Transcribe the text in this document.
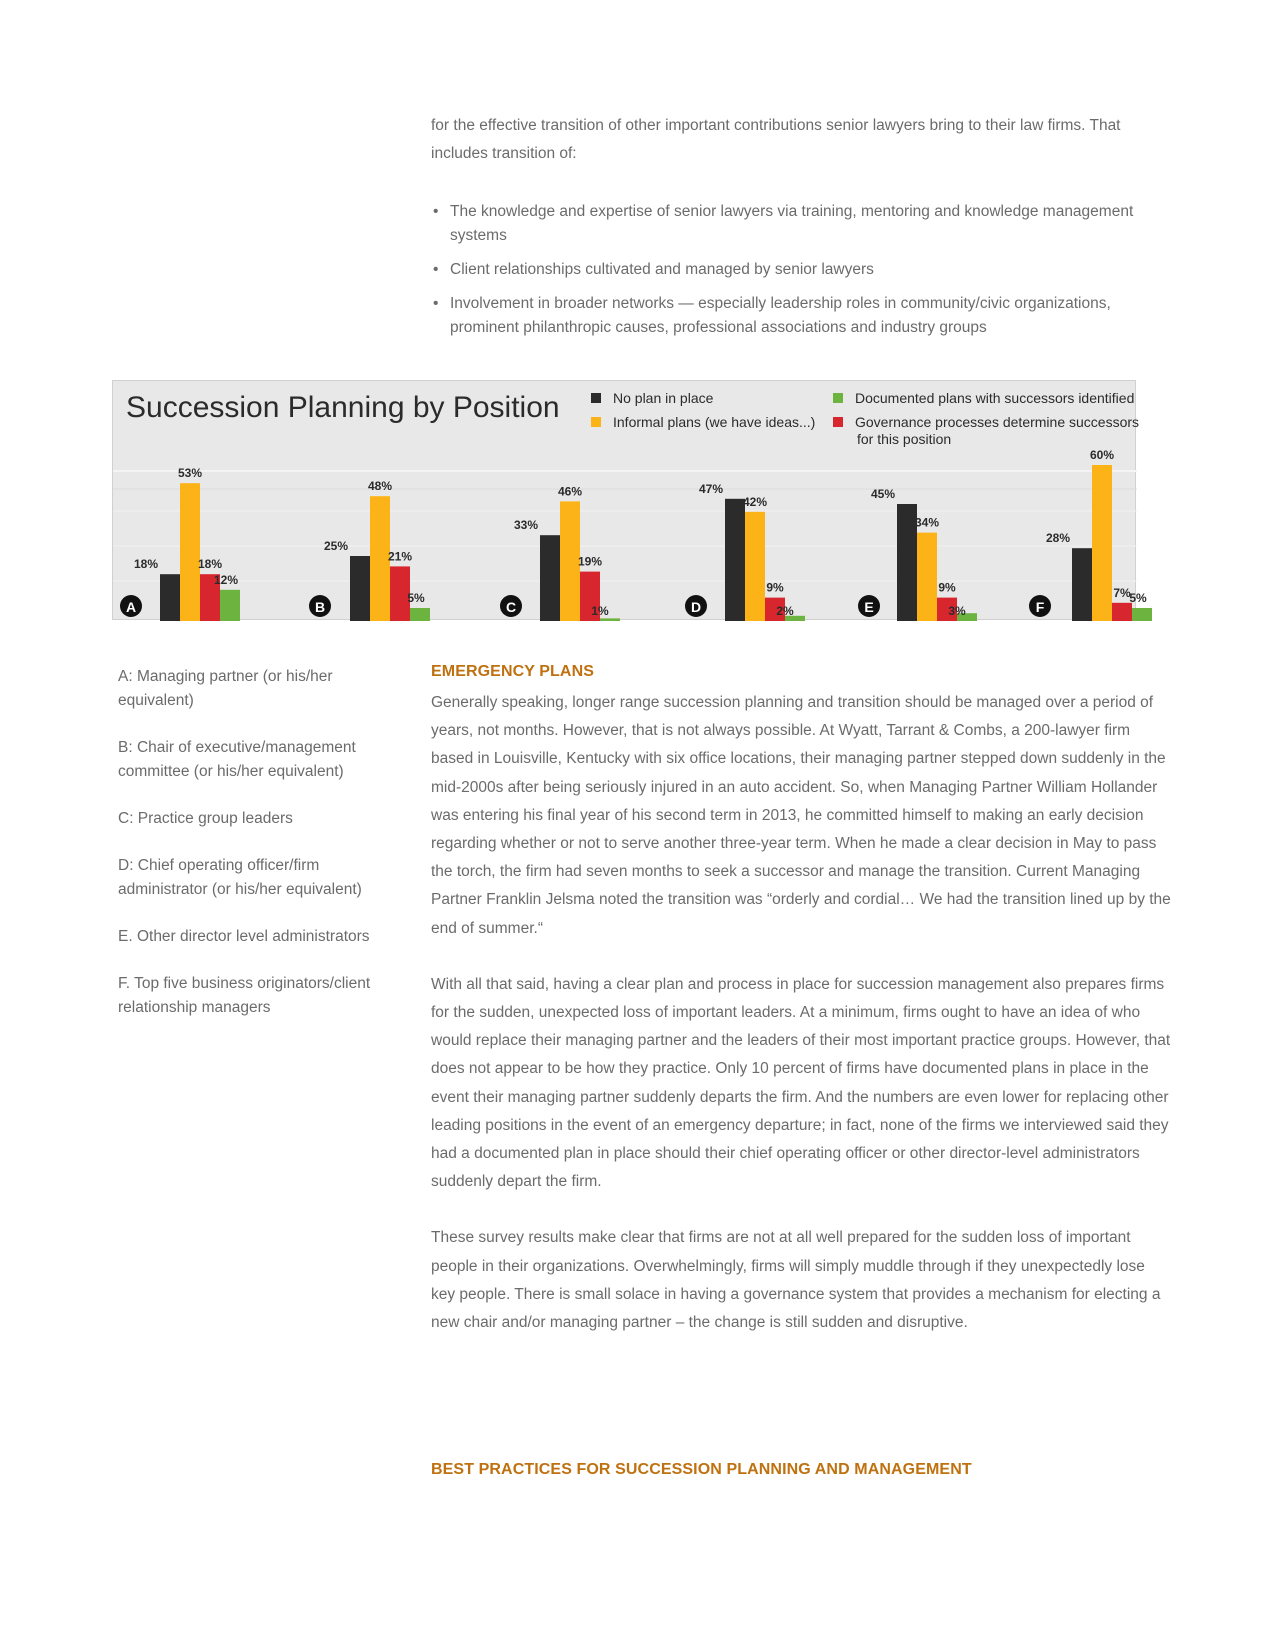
for the effective transition of other important contributions senior lawyers bring to their law firms. That includes transition of:

• The knowledge and expertise of senior lawyers via training, mentoring and knowledge management systems
• Client relationships cultivated and managed by senior lawyers
• Involvement in broader networks — especially leadership roles in community/civic organizations, prominent philanthropic causes, professional associations and industry groups
Succession Planning by Position	No plan in place
Informal plans (we have ideas...)
Documented plans with successors identified
Governance processes determine successors
for this position
A
18%
53%
18%
12%
B
25%
48%
21%
5%
C
33%
46%
19%
1%	D
47%
42%
9%
2%	E
45%
34%
9%
3%	F
28%
60%
7%
5%

A: Managing partner (or his/her equivalent)

B: Chair of executive/management committee (or his/her equivalent)

C: Practice group leaders

D: Chief operating officer/firm administrator (or his/her equivalent)

E. Other director level administrators

F. Top five business originators/client relationship managers

EMERGENCY PLANS

Generally speaking, longer range succession planning and transition should be managed over a period of years, not months. However, that is not always possible. At Wyatt, Tarrant & Combs, a 200-lawyer firm based in Louisville, Kentucky with six office locations, their managing partner stepped down suddenly in the mid-2000s after being seriously injured in an auto accident. So, when Managing Partner William Hollander was entering his final year of his second term in 2013, he committed himself to making an early decision regarding whether or not to serve another three-year term. When he made a clear decision in May to pass the torch, the firm had seven months to seek a successor and manage the transition. Current Managing Partner Franklin Jelsma noted the transition was “orderly and cordial… We had the transition lined up by the end of summer.“

With all that said, having a clear plan and process in place for succession management also prepares firms for the sudden, unexpected loss of important leaders. At a minimum, firms ought to have an idea of who would replace their managing partner and the leaders of their most important practice groups. However, that does not appear to be how they practice. Only 10 percent of firms have documented plans in place in the event their managing partner suddenly departs the firm. And the numbers are even lower for replacing other leading positions in the event of an emergency departure; in fact, none of the firms we interviewed said they had a documented plan in place should their chief operating officer or other director-level administrators suddenly depart the firm.

These survey results make clear that firms are not at all well prepared for the sudden loss of important people in their organizations. Overwhelmingly, firms will simply muddle through if they unexpectedly lose key people. There is small solace in having a governance system that provides a mechanism for electing a new chair and/or managing partner – the change is still sudden and disruptive.

BEST PRACTICES FOR SUCCESSION PLANNING AND MANAGEMENT
